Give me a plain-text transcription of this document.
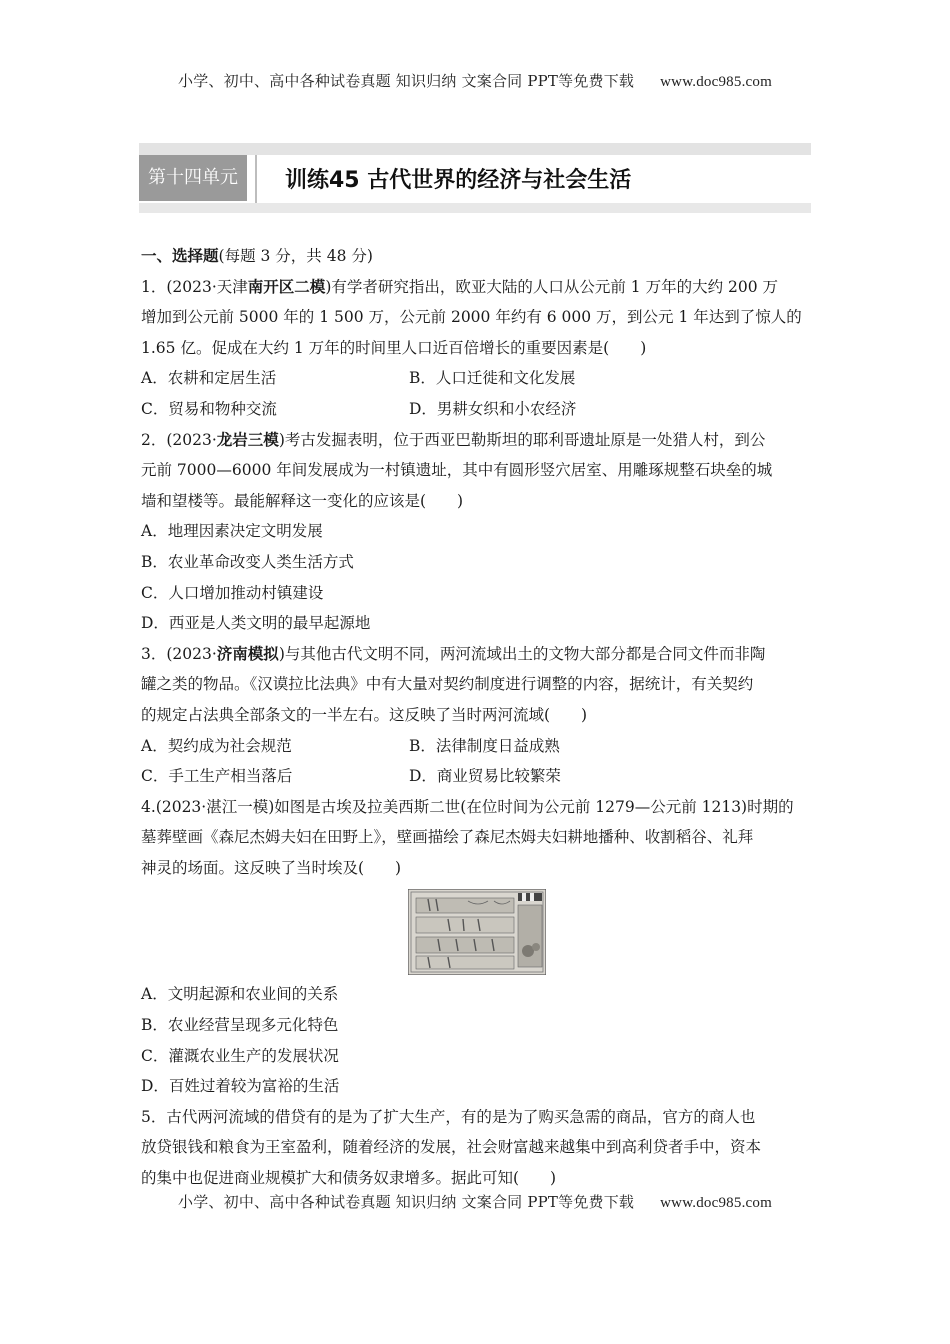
小学、初中、高中各种试卷真题 知识归纳 文案合同 PPT等免费下载 www.doc985.com
第十四单元	训练45 古代世界的经济与社会生活
一、选择题(每题 3 分，共 48 分)
1．(2023·天津南开区二模)有学者研究指出，欧亚大陆的人口从公元前 1 万年的大约 200 万
增加到公元前 5000 年的 1 500 万，公元前 2000 年约有 6 000 万，到公元 1 年达到了惊人的
1.65 亿。促成在大约 1 万年的时间里人口近百倍增长的重要因素是(　　)
A．农耕和定居生活	B．人口迁徙和文化发展
C．贸易和物种交流	D．男耕女织和小农经济
2．(2023·龙岩三模)考古发掘表明，位于西亚巴勒斯坦的耶利哥遗址原是一处猎人村，到公
元前 7000—6000 年间发展成为一村镇遗址，其中有圆形竖穴居室、用雕琢规整石块垒的城
墙和望楼等。最能解释这一变化的应该是(　　)
A．地理因素决定文明发展
B．农业革命改变人类生活方式
C．人口增加推动村镇建设
D．西亚是人类文明的最早起源地
3．(2023·济南模拟)与其他古代文明不同，两河流域出土的文物大部分都是合同文件而非陶
罐之类的物品。《汉谟拉比法典》中有大量对契约制度进行调整的内容，据统计，有关契约
的规定占法典全部条文的一半左右。这反映了当时两河流域(　　)
A．契约成为社会规范	B．法律制度日益成熟
C．手工生产相当落后	D．商业贸易比较繁荣
4.(2023·湛江一模)如图是古埃及拉美西斯二世(在位时间为公元前 1279—公元前 1213)时期的
墓葬壁画《森尼杰姆夫妇在田野上》，壁画描绘了森尼杰姆夫妇耕地播种、收割稻谷、礼拜
神灵的场面。这反映了当时埃及(　　)
A．文明起源和农业间的关系
B．农业经营呈现多元化特色
C．灌溉农业生产的发展状况
D．百姓过着较为富裕的生活
5．古代两河流域的借贷有的是为了扩大生产，有的是为了购买急需的商品，官方的商人也
放贷银钱和粮食为王室盈利，随着经济的发展，社会财富越来越集中到高利贷者手中，资本
的集中也促进商业规模扩大和债务奴隶增多。据此可知(　　)
小学、初中、高中各种试卷真题 知识归纳 文案合同 PPT等免费下载 www.doc985.com
